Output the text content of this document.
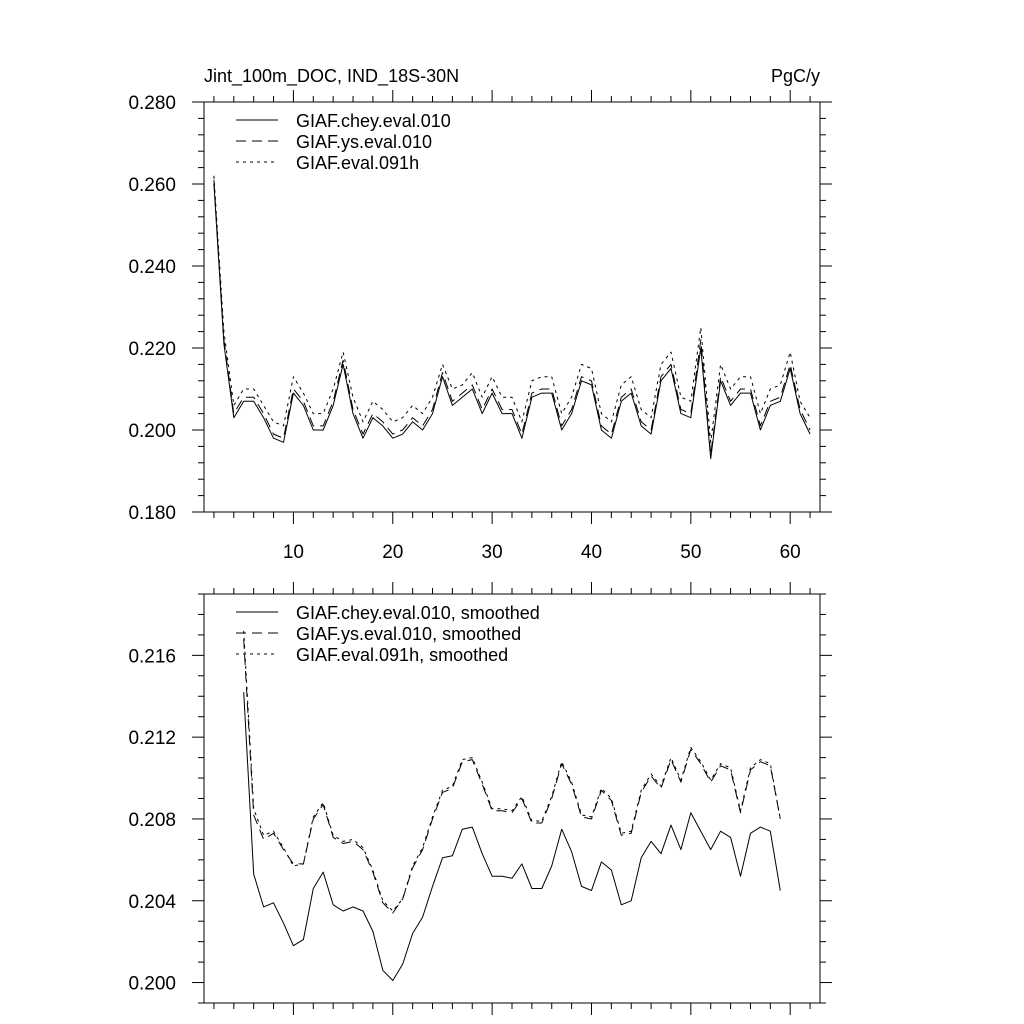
Jint_100m_DOC, IND_18S-30N	PgC/y
10	20	30	40	50	60
0.180
0.200
0.220
0.240
0.260
0.280
GIAF.chey.eval.010
GIAF.ys.eval.010
GIAF.eval.091h
0.200
0.204
0.208
0.212
0.216
GIAF.chey.eval.010, smoothed
GIAF.ys.eval.010, smoothed
GIAF.eval.091h, smoothed
